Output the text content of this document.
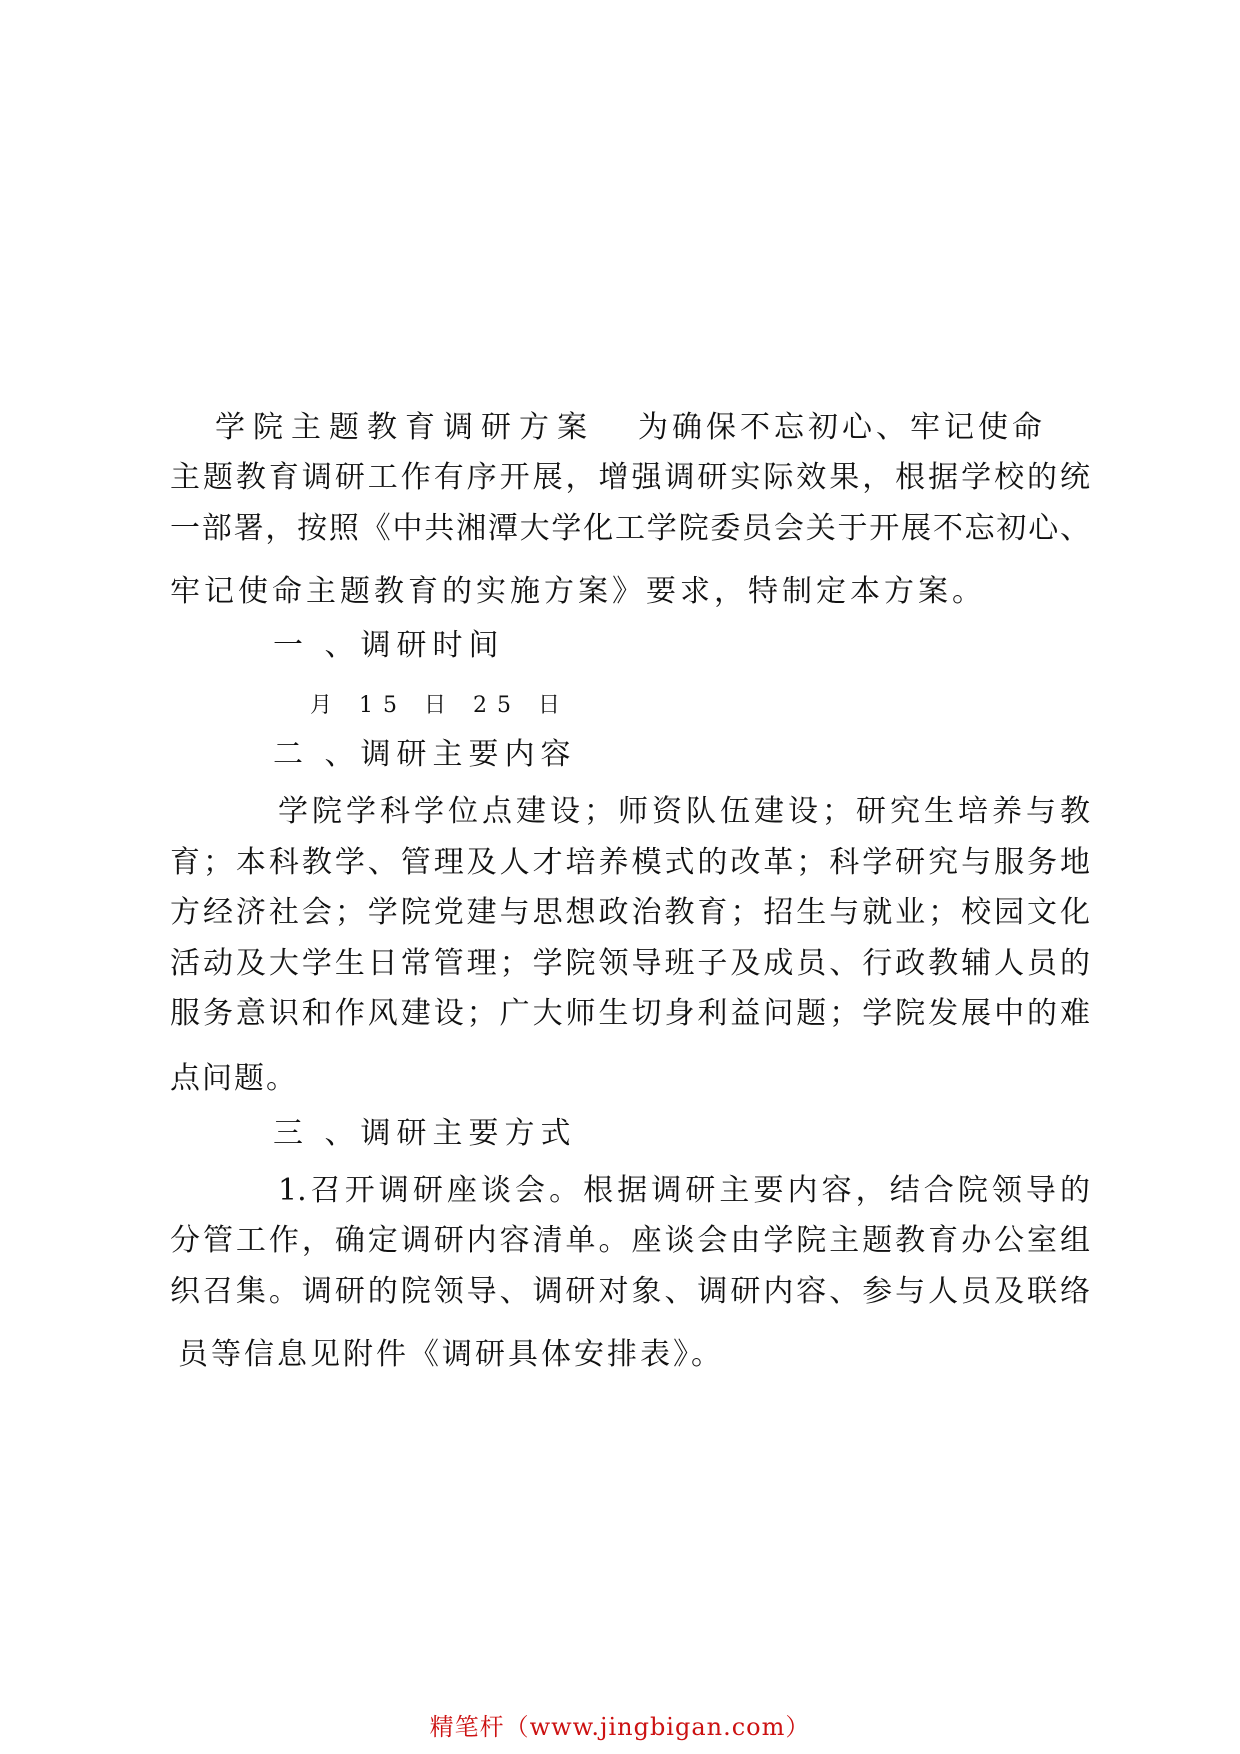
学院主题教育调研方案 为确保不忘初心、牢记使命
主题教育调研工作有序开展，增强调研实际效果，根据学校的统
一部署，按照《中共湘潭大学化工学院委员会关于开展不忘初心、
牢记使命主题教育的实施方案》要求，特制定本方案。
一 、调研时间
月 15 日 25 日
二 、调研主要内容
学院学科学位点建设；师资队伍建设；研究生培养与教
育；本科教学、管理及人才培养模式的改革；科学研究与服务地
方经济社会；学院党建与思想政治教育；招生与就业；校园文化
活动及大学生日常管理；学院领导班子及成员、行政教辅人员的
服务意识和作风建设；广大师生切身利益问题；学院发展中的难
点问题。
三 、调研主要方式
1.召开调研座谈会。根据调研主要内容，结合院领导的
分管工作，确定调研内容清单。座谈会由学院主题教育办公室组
织召集。调研的院领导、调研对象、调研内容、参与人员及联络
员等信息见附件《调研具体安排表》。
精笔杆（www.jingbigan.com）
